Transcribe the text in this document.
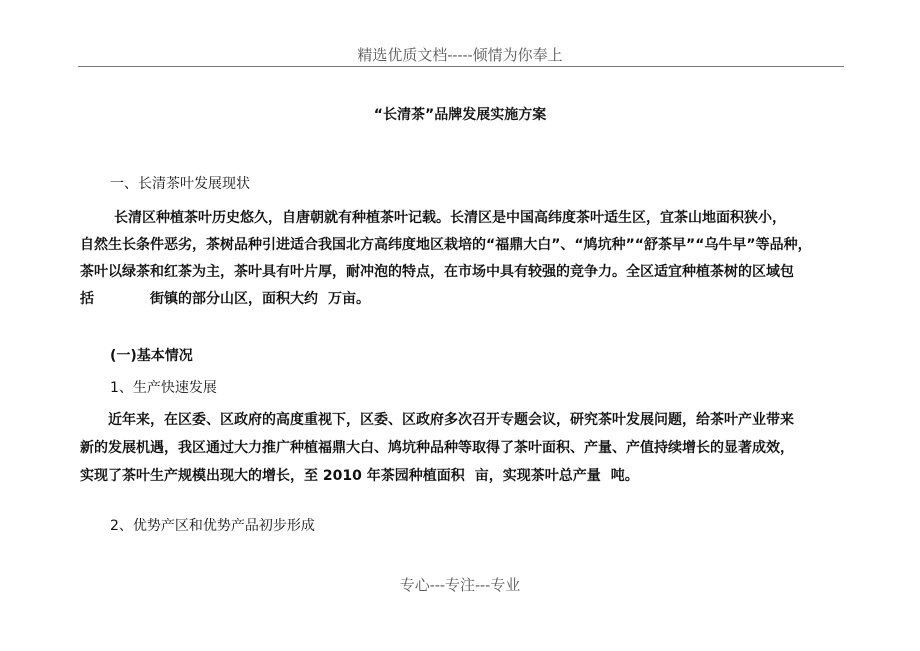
精选优质文档-----倾情为你奉上
“长清茶”品牌发展实施方案
一、长清茶叶发展现状
长清区种植茶叶历史悠久，自唐朝就有种植茶叶记载。长清区是中国高纬度茶叶适生区，宜茶山地面积狭小，
自然生长条件恶劣，茶树品种引进适合我国北方高纬度地区栽培的“福鼎大白”、“鸠坑种”“舒茶早”“乌牛早”等品种，
茶叶以绿茶和红茶为主，茶叶具有叶片厚，耐冲泡的特点，在市场中具有较强的竞争力。全区适宜种植茶树的区域包
括	街镇的部分山区，面积大约 万亩。
(一)基本情况
1、生产快速发展
近年来，在区委、区政府的高度重视下，区委、区政府多次召开专题会议，研究茶叶发展问题，给茶叶产业带来
新的发展机遇，我区通过大力推广种植福鼎大白、鸠坑种品种等取得了茶叶面积、产量、产值持续增长的显著成效，
实现了茶叶生产规模出现大的增长，至 2010 年茶园种植面积 亩，实现茶叶总产量 吨。
2、优势产区和优势产品初步形成
专心---专注---专业
